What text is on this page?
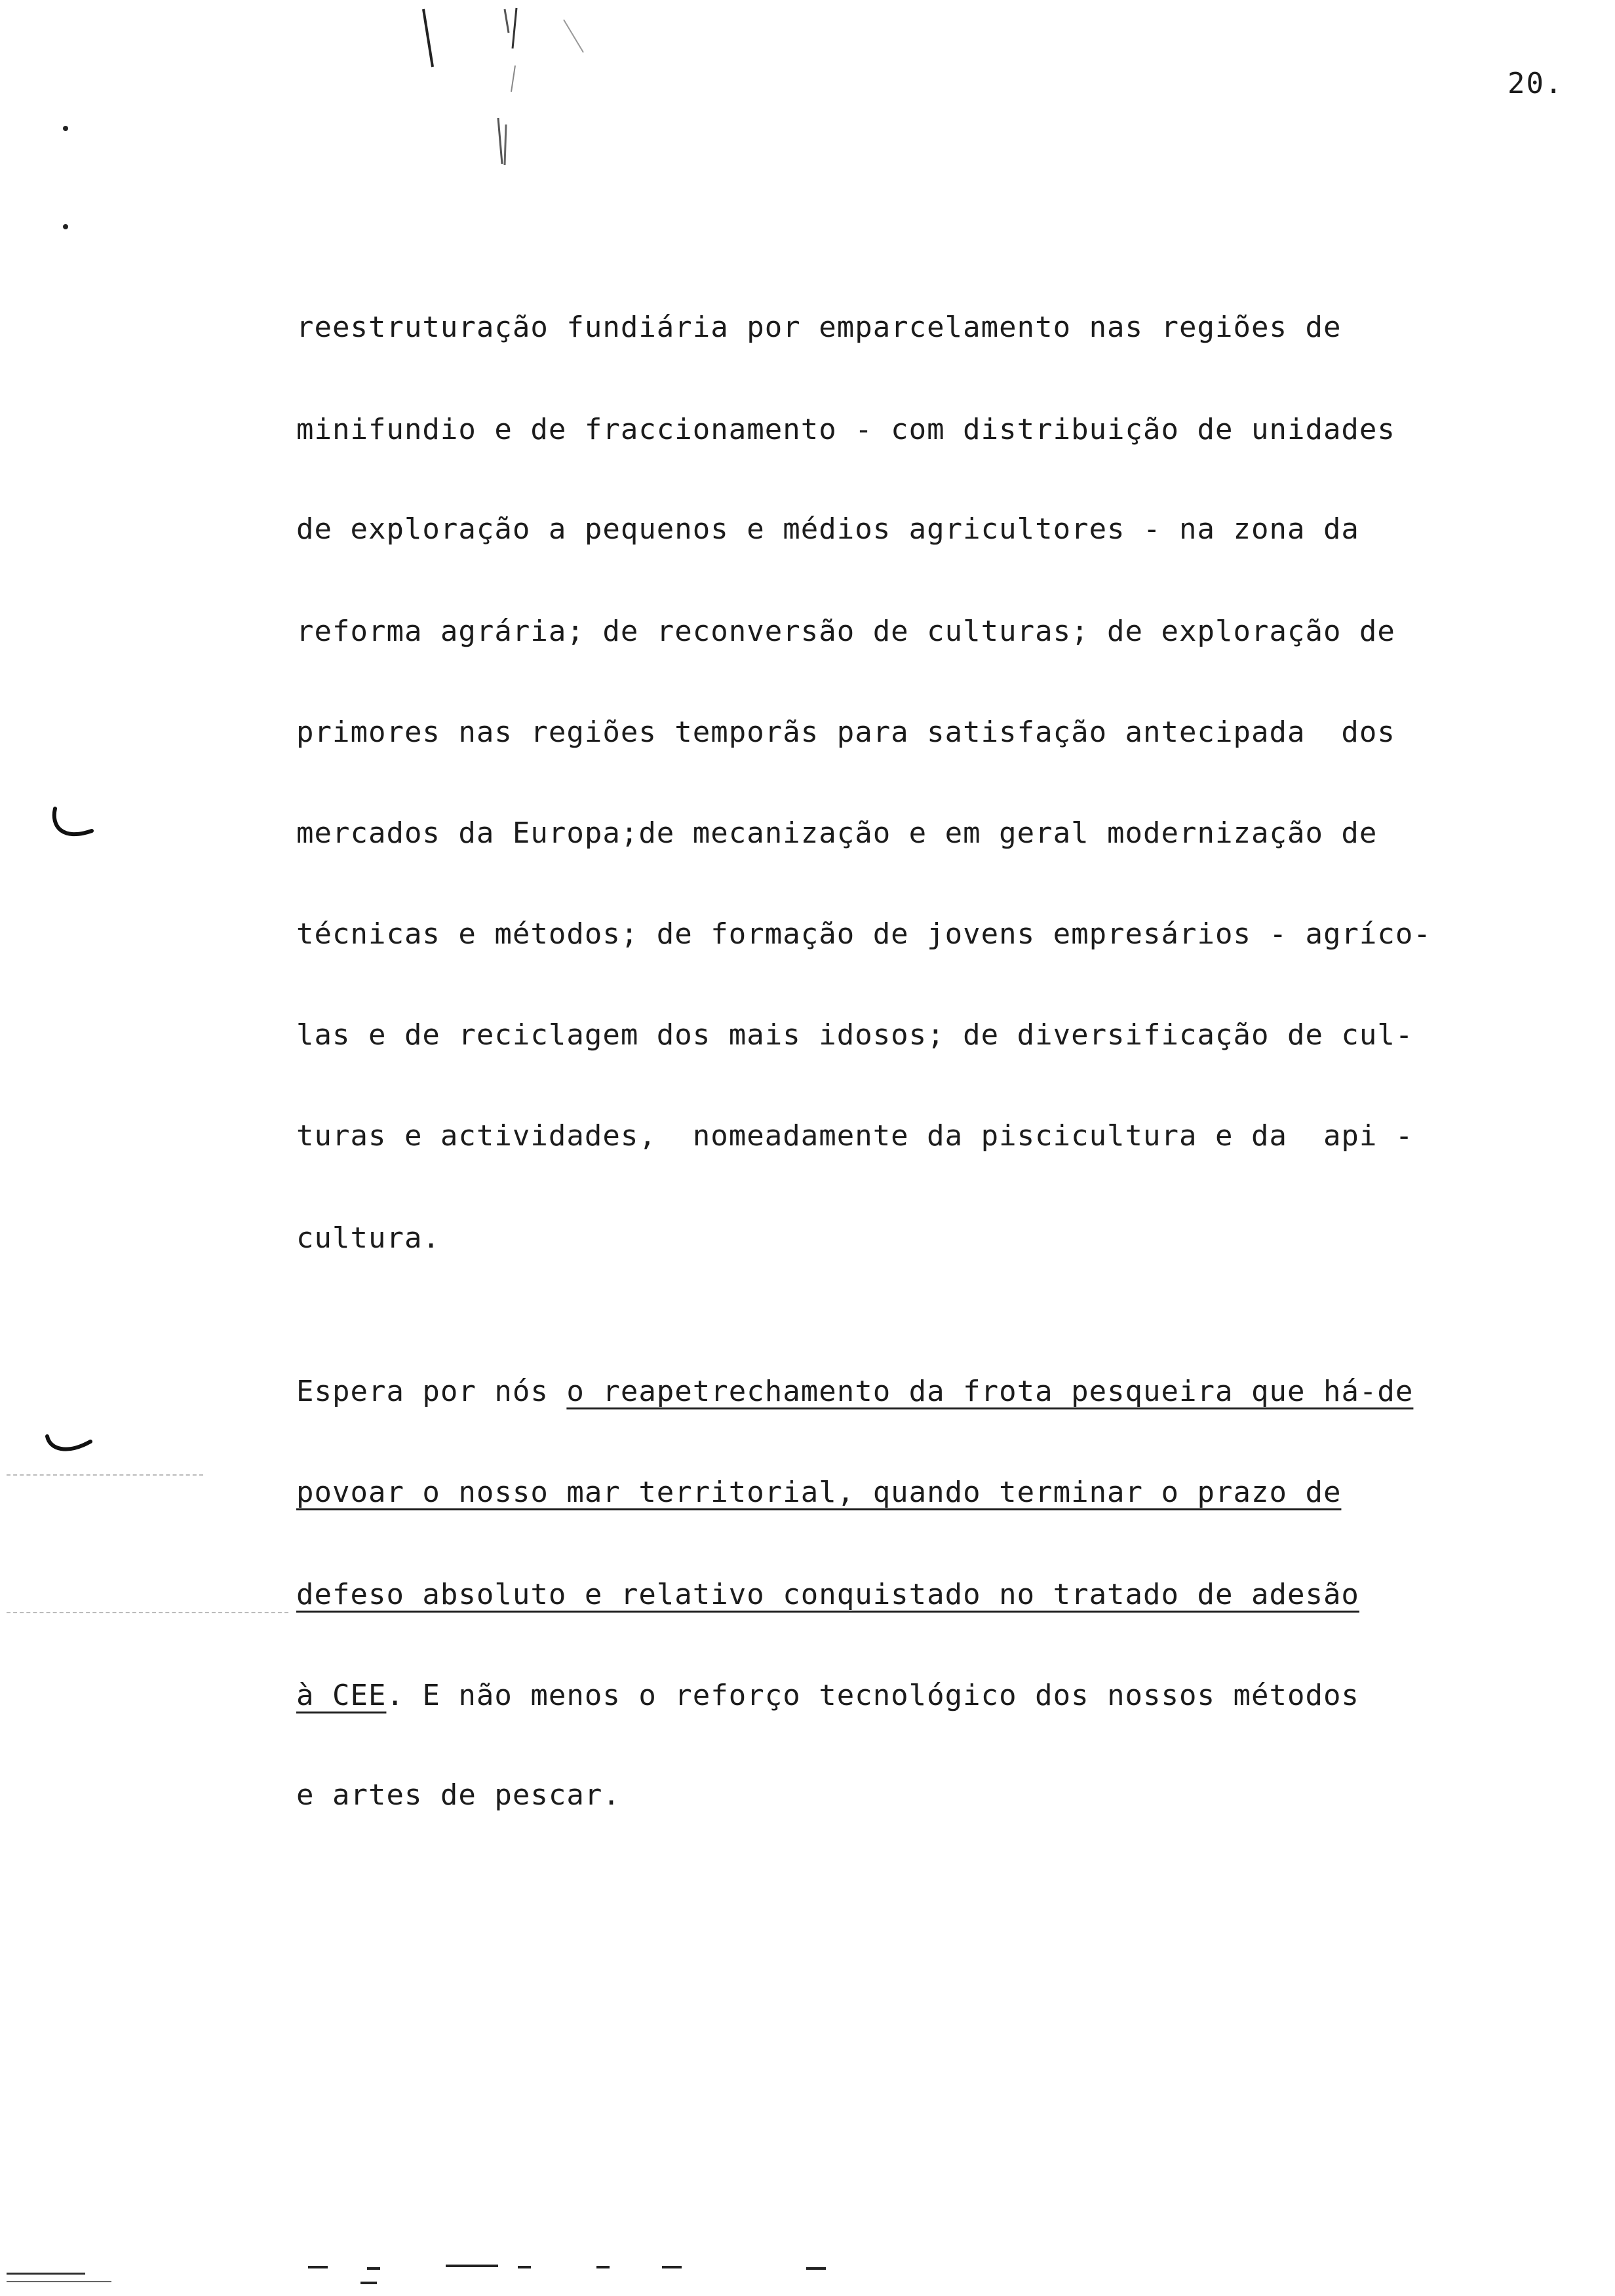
20.
reestruturação fundiária por emparcelamento nas regiões de
minifundio e de fraccionamento - com distribuição de unidades
de exploração a pequenos e médios agricultores - na zona da
reforma agrária; de reconversão de culturas; de exploração de
primores nas regiões temporãs para satisfação antecipada  dos
mercados da Europa;de mecanização e em geral modernização de
técnicas e métodos; de formação de jovens empresários - agríco-
las e de reciclagem dos mais idosos; de diversificação de cul-
turas e actividades,  nomeadamente da piscicultura e da  api -
cultura.
Espera por nós o reapetrechamento da frota pesqueira que há-de
povoar o nosso mar territorial, quando terminar o prazo de
defeso absoluto e relativo conquistado no tratado de adesão
à CEE. E não menos o reforço tecnológico dos nossos métodos
e artes de pescar.
